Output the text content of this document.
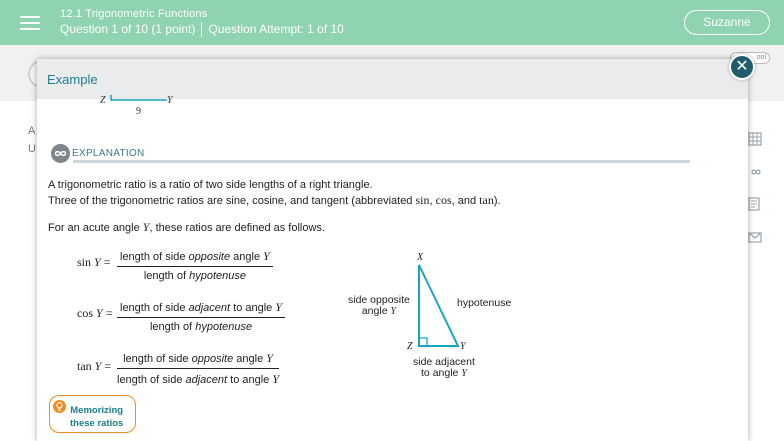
12.1 Trigonometric Functions
Question 1 of 10 (1 point) Question Attempt: 1 of 10	Suzanne
ool
A
U
✕
Example
Z	Y
9
EXPLANATION
A trigonometric ratio is a ratio of two side lengths of a right triangle.
Three of the trigonometric ratios are sine, cosine, and tangent (abbreviated sin, cos, and tan).
For an acute angle Y, these ratios are defined as follows.
sin Y = length of side opposite angle Y
length of hypotenuse
cos Y = length of side adjacent to angle Y
length of hypotenuse
tan Y =	length of side opposite angle Y
length of side adjacent to angle Y
X
Z	Y
side opposite
angle Y
hypotenuse
side adjacent
to angle Y
Memorizing
these ratios
